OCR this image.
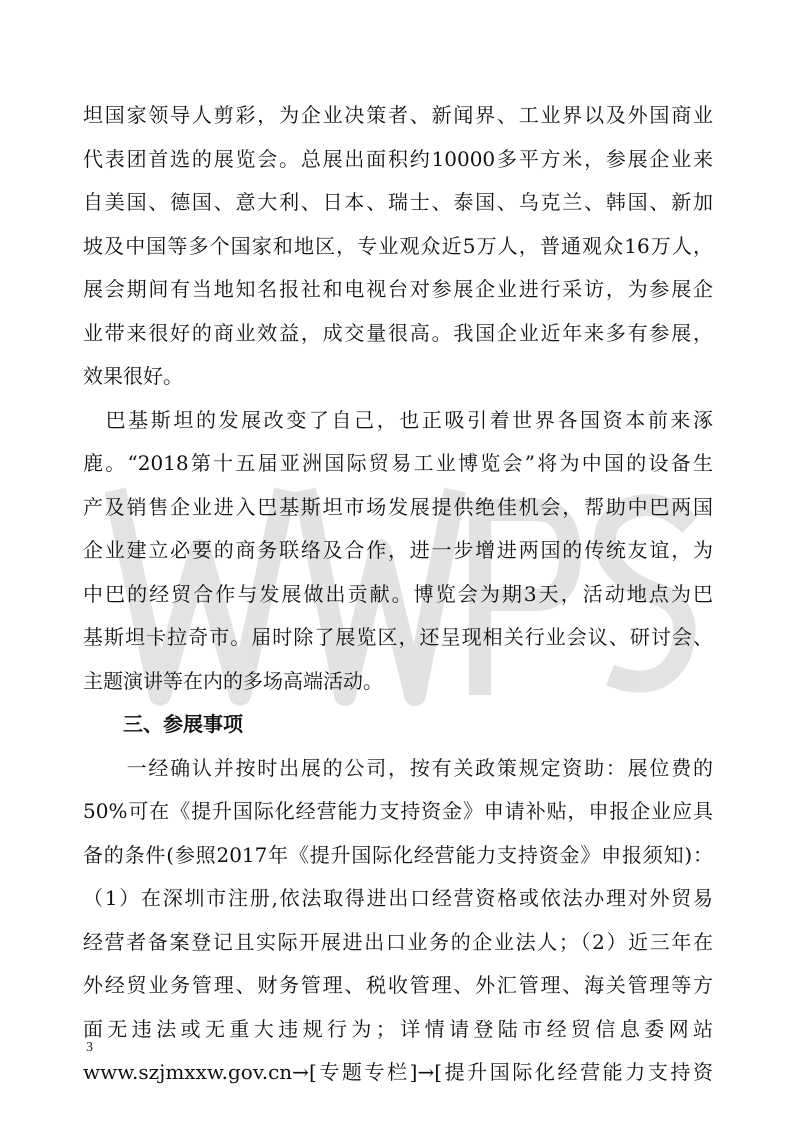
坦国家领导人剪彩，为企业决策者、新闻界、工业界以及外国商业
代表团首选的展览会。总展出面积约10000多平方米，参展企业来
自美国、德国、意大利、日本、瑞士、泰国、乌克兰、韩国、新加
坡及中国等多个国家和地区，专业观众近5万人，普通观众16万人，
展会期间有当地知名报社和电视台对参展企业进行采访，为参展企
业带来很好的商业效益，成交量很高。我国企业近年来多有参展，
效果很好。
　巴基斯坦的发展改变了自己，也正吸引着世界各国资本前来涿
鹿。“2018第十五届亚洲国际贸易工业博览会”将为中国的设备生
产及销售企业进入巴基斯坦市场发展提供绝佳机会，帮助中巴两国
企业建立必要的商务联络及合作，进一步增进两国的传统友谊，为
中巴的经贸合作与发展做出贡献。博览会为期3天，活动地点为巴
基斯坦卡拉奇市。届时除了展览区，还呈现相关行业会议、研讨会、
主题演讲等在内的多场高端活动。
　　三、参展事项
　　一经确认并按时出展的公司，按有关政策规定资助：展位费的
50%可在《提升国际化经营能力支持资金》申请补贴，申报企业应具
备的条件(参照2017年《提升国际化经营能力支持资金》申报须知)：
（1）在深圳市注册,依法取得进出口经营资格或依法办理对外贸易
经营者备案登记且实际开展进出口业务的企业法人；（2）近三年在
外经贸业务管理、财务管理、税收管理、外汇管理、海关管理等方
3
面无违法或无重大违规行为；详情请登陆市经贸信息委网站
www.szjmxxw.gov.cn→[专题专栏]→[提升国际化经营能力支持资
